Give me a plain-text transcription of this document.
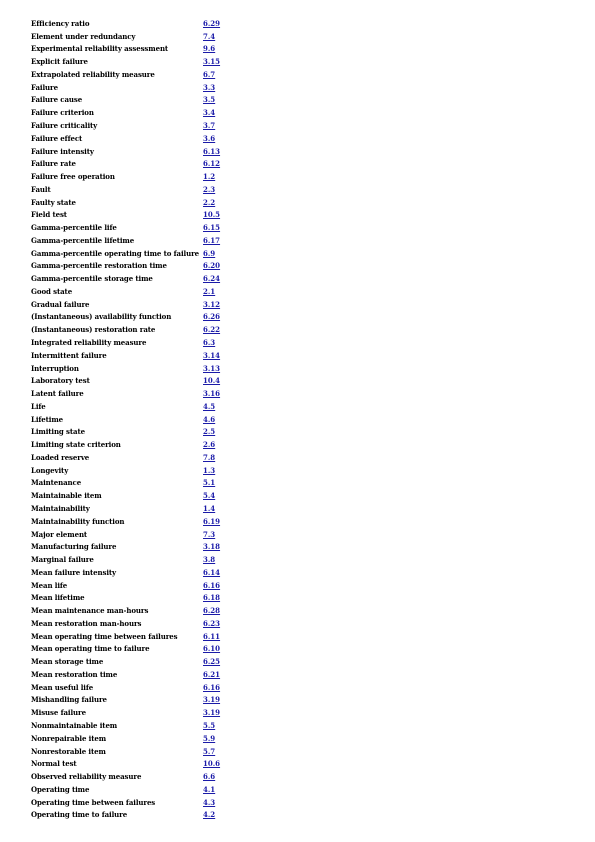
Efficiency ratio	6.29
Element under redundancy	7.4
Experimental reliability assessment	9.6
Explicit failure	3.15
Extrapolated reliability measure	6.7
Failure	3.3
Failure cause	3.5
Failure criterion	3.4
Failure criticality	3.7
Failure effect	3.6
Failure intensity	6.13
Failure rate	6.12
Failure free operation	1.2
Fault	2.3
Faulty state	2.2
Field test	10.5
Gamma-percentile life	6.15
Gamma-percentile lifetime	6.17
Gamma-percentile operating time to failure 6.9
Gamma-percentile restoration time	6.20
Gamma-percentile storage time	6.24
Good state	2.1
Gradual failure	3.12
(Instantaneous) availability function	6.26
(Instantaneous) restoration rate	6.22
Integrated reliability measure	6.3
Intermittent failure	3.14
Interruption	3.13
Laboratory test	10.4
Latent failure	3.16
Life	4.5
Lifetime	4.6
Limiting state	2.5
Limiting state criterion	2.6
Loaded reserve	7.8
Longevity	1.3
Maintenance	5.1
Maintainable item	5.4
Maintainability	1.4
Maintainability function	6.19
Major element	7.3
Manufacturing failure	3.18
Marginal failure	3.8
Mean failure intensity	6.14
Mean life	6.16
Mean lifetime	6.18
Mean maintenance man-hours	6.28
Mean restoration man-hours	6.23
Mean operating time between failures	6.11
Mean operating time to failure	6.10
Mean storage time	6.25
Mean restoration time	6.21
Mean useful life	6.16
Mishandling failure	3.19
Misuse failure	3.19
Nonmaintainable item	5.5
Nonrepairable item	5.9
Nonrestorable item	5.7
Normal test	10.6
Observed reliability measure	6.6
Operating time	4.1
Operating time between failures	4.3
Operating time to failure	4.2
